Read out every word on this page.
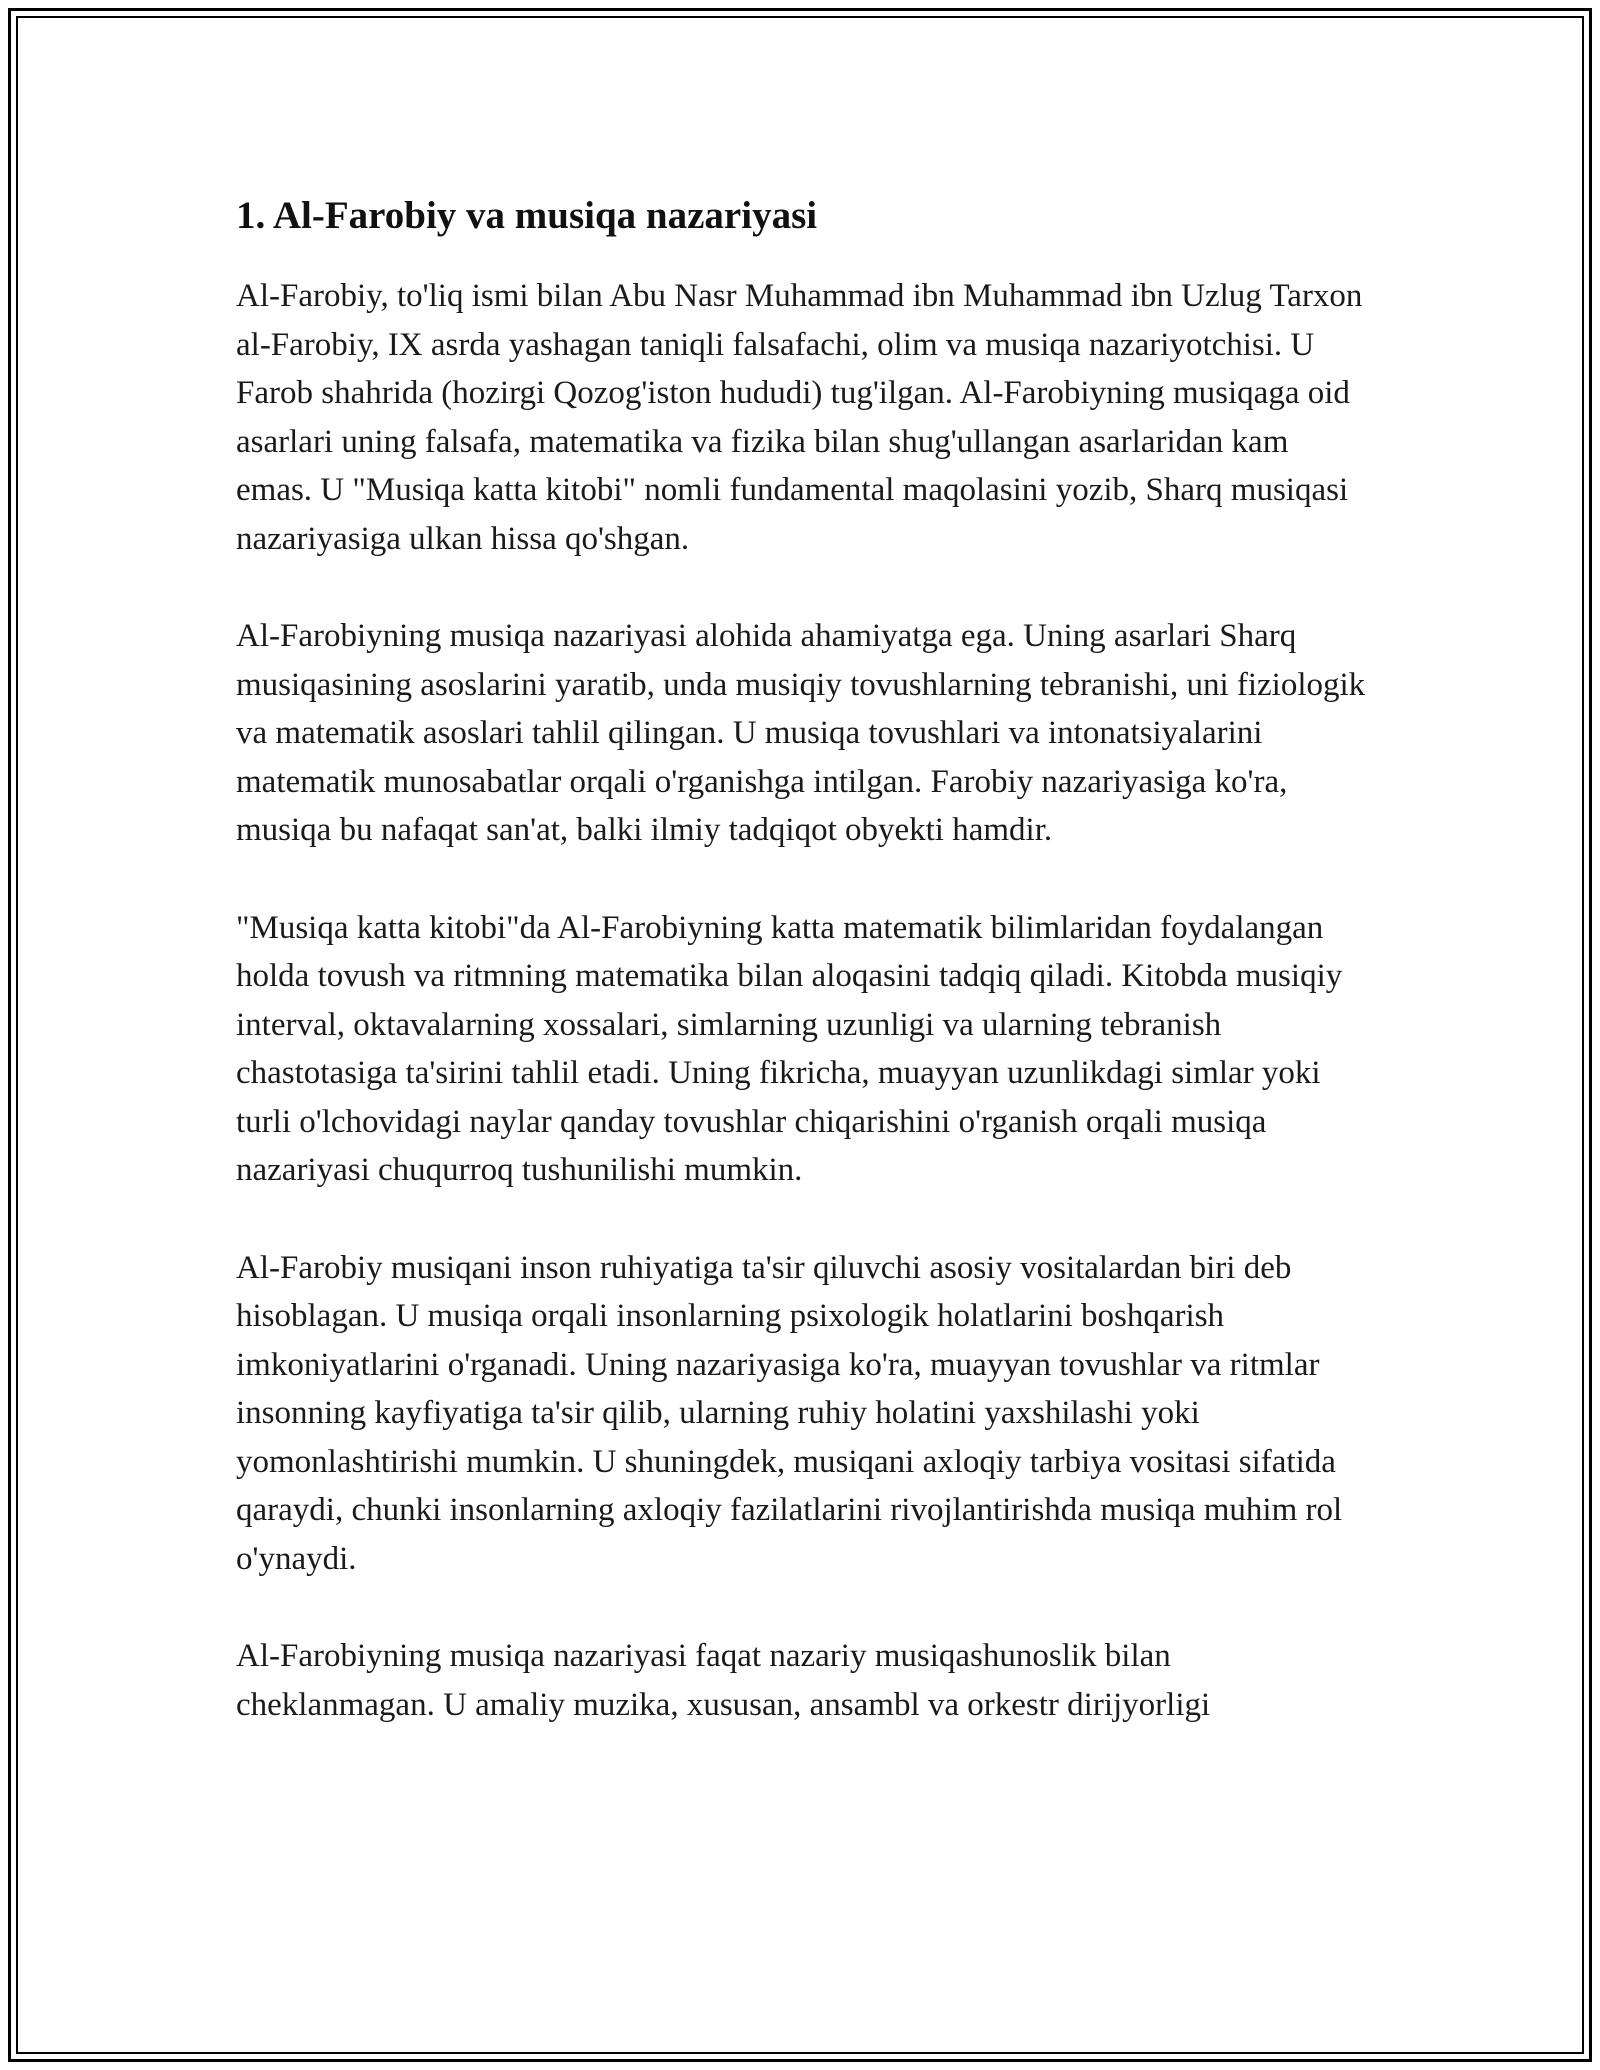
1. Al-Farobiy va musiqa nazariyasi

Al-Farobiy, to'liq ismi bilan Abu Nasr Muhammad ibn Muhammad ibn Uzlug Tarxon al-Farobiy, IX asrda yashagan taniqli falsafachi, olim va musiqa nazariyotchisi. U Farob shahrida (hozirgi Qozog'iston hududi) tug'ilgan. Al-Farobiyning musiqaga oid asarlari uning falsafa, matematika va fizika bilan shug'ullangan asarlaridan kam emas. U "Musiqa katta kitobi" nomli fundamental maqolasini yozib, Sharq musiqasi nazariyasiga ulkan hissa qo'shgan.

Al-Farobiyning musiqa nazariyasi alohida ahamiyatga ega. Uning asarlari Sharq musiqasining asoslarini yaratib, unda musiqiy tovushlarning tebranishi, uni fiziologik va matematik asoslari tahlil qilingan. U musiqa tovushlari va intonatsiyalarini matematik munosabatlar orqali o'rganishga intilgan. Farobiy nazariyasiga ko'ra, musiqa bu nafaqat san'at, balki ilmiy tadqiqot obyekti hamdir.

"Musiqa katta kitobi"da Al-Farobiyning katta matematik bilimlaridan foydalangan holda tovush va ritmning matematika bilan aloqasini tadqiq qiladi. Kitobda musiqiy interval, oktavalarning xossalari, simlarning uzunligi va ularning tebranish chastotasiga ta'sirini tahlil etadi. Uning fikricha, muayyan uzunlikdagi simlar yoki turli o'lchovidagi naylar qanday tovushlar chiqarishini o'rganish orqali musiqa nazariyasi chuqurroq tushunilishi mumkin.

Al-Farobiy musiqani inson ruhiyatiga ta'sir qiluvchi asosiy vositalardan biri deb hisoblagan. U musiqa orqali insonlarning psixologik holatlarini boshqarish imkoniyatlarini o'rganadi. Uning nazariyasiga ko'ra, muayyan tovushlar va ritmlar insonning kayfiyatiga ta'sir qilib, ularning ruhiy holatini yaxshilashi yoki yomonlashtirishi mumkin. U shuningdek, musiqani axloqiy tarbiya vositasi sifatida qaraydi, chunki insonlarning axloqiy fazilatlarini rivojlantirishda musiqa muhim rol o'ynaydi.

Al-Farobiyning musiqa nazariyasi faqat nazariy musiqashunoslik bilan cheklanmagan. U amaliy muzika, xususan, ansambl va orkestr dirijyorligi
